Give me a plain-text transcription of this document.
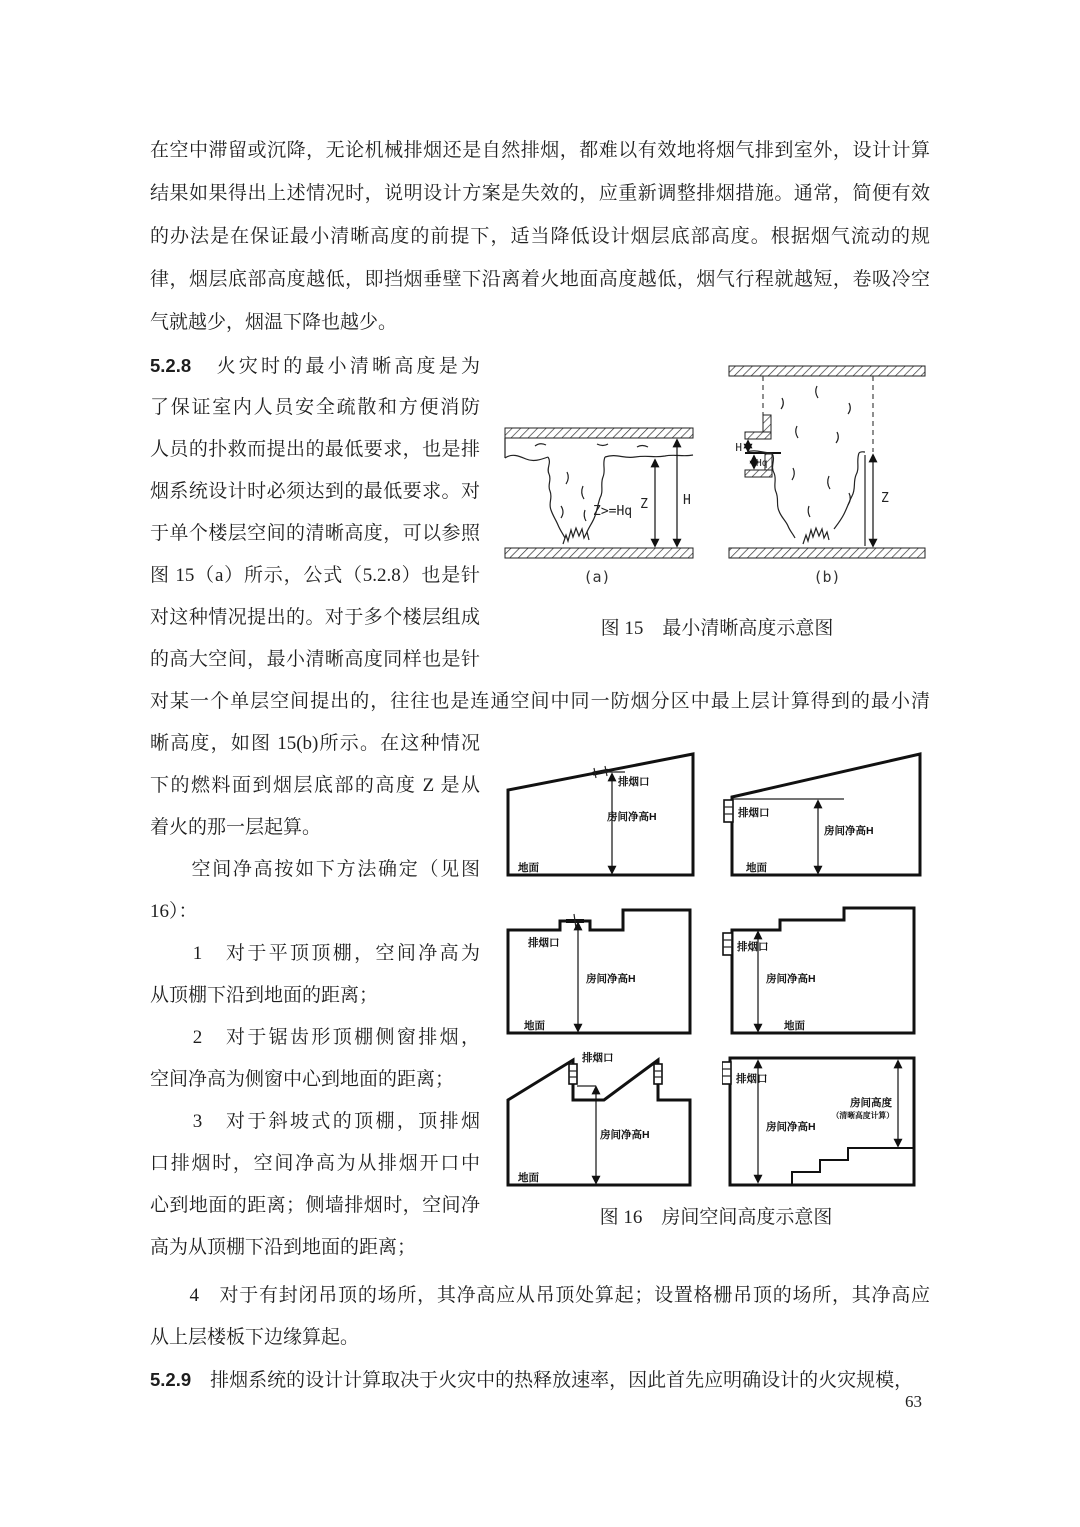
在空中滞留或沉降，无论机械排烟还是自然排烟，都难以有效地将烟气排到室外，设计计算
结果如果得出上述情况时，说明设计方案是失效的，应重新调整排烟措施。通常，简便有效
的办法是在保证最小清晰高度的前提下，适当降低设计烟层底部高度。根据烟气流动的规
律，烟层底部高度越低，即挡烟垂壁下沿离着火地面高度越低，烟气行程就越短，卷吸冷空
气就越少，烟温下降也越少。
5.2.8　火灾时的最小清晰高度是为
了保证室内人员安全疏散和方便消防
人员的扑救而提出的最低要求，也是排
烟系统设计时必须达到的最低要求。对
于单个楼层空间的清晰高度，可以参照
图 15（a）所示，公式（5.2.8）也是针
对这种情况提出的。对于多个楼层组成
的高大空间，最小清晰高度同样也是针
对某一个单层空间提出的，往往也是连通空间中同一防烟分区中最上层计算得到的最小清
晰高度，如图 15(b)所示。在这种情况
下的燃料面到烟层底部的高度 Z 是从
着火的那一层起算。
　　空间净高按如下方法确定（见图
16）：
　　1　对于平顶顶棚，空间净高为
从顶棚下沿到地面的距离；
　　2　对于锯齿形顶棚侧窗排烟，
空间净高为侧窗中心到地面的距离；
　　3　对于斜坡式的顶棚，顶排烟
口排烟时，空间净高为从排烟开口中
心到地面的距离；侧墙排烟时，空间净
高为从顶棚下沿到地面的距离；
　　4　对于有封闭吊顶的场所，其净高应从吊顶处算起；设置格栅吊顶的场所，其净高应
从上层楼板下边缘算起。
5.2.9　排烟系统的设计计算取决于火灾中的热释放速率，因此首先应明确设计的火灾规模，
63
Z	H
Z>=Hq
(a)
H
Hq
Z
(b)
图 15　最小清晰高度示意图
排烟口
房间净高H
地面
排烟口
房间净高H
地面
排烟口
房间净高H
地面
排烟口
房间净高H
地面
排烟口
房间净高H
地面
排烟口
房间净高H
房间高度
（清晰高度计算）
图 16　房间空间高度示意图
